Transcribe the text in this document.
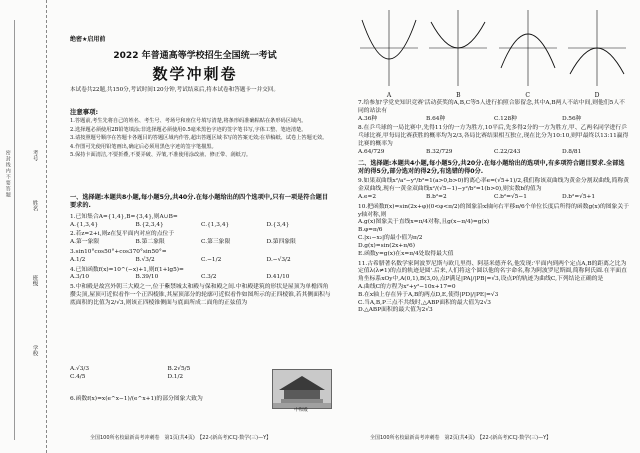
密封线内不要答题	考号
姓名
班级
学校
绝密★启用前
2022 年普通高等学校招生全国统一考试
数学冲刺卷
本试卷共22题,共150分,考试时间120分钟,考试结束后,将本试卷和答题卡一并交回。
注意事项:
1.答题前,考生先将自己的姓名、考生号、考场号和座位号填写清楚,将条形码准确粘贴在条形码区域内。
2.选择题必须使用2B铅笔填涂;非选择题必须使用0.5毫米黑色字迹的签字笔书写,字体工整、笔迹清楚。
3.请按照题号顺序在答题卡各题目的答题区域内作答,超出答题区域书写的答案无效;在草稿纸、试卷上答题无效。
4.作图可先使用铅笔画出,确定后必须用黑色字迹的签字笔描黑。
5.保持卡面清洁,不要折叠,不要弄破、弄皱,不准使用涂改液、修正带、刮纸刀。
一、选择题:本题共8小题,每小题5分,共40分.在每小题给出的四个选项中,只有一项是符合题目要求的.
1.已知集合A={1,4},B={3,4},则A∪B=
A.{1,3,4}	B.{2,3,4}	C.{1,3,4}	D.{3,4}
2.若z=2+i,则z在复平面内对应的点位于
A.第一象限	B.第二象限	C.第三象限	D.第四象限
3.sin10°cos50°+cos370°sin50°=
A.1/2	B.√3/2	C.−1/2	D.−√3/2
4.已知函数f(x)=10^(−x)+1,则f(1+lg5)=
A.3/10	B.39/10	C.3/2	D.41/10
5.中和殿是故宫外朝三大殿之一,位于紫禁城太和殿与保和殿之间.中和殿建筑的形状是屋顶为单檐四角攒尖顶,屋顶可近似看作一个正四棱锥,其屋顶部分的轮廓可近似看作如图所示的正四棱锥,若其侧面积与底面积的比值为2/√3,则该正四棱锥侧面与底面所成二面角的正弦值为
A.√3/3	B.2√5/5
C.4/5	D.1/2
6.函数f(x)=x(e^x−1)/(e^x+1)的部分图象大致为
中和殿
全国100所名校最新高考冲刺卷　第1页(共4页)　【22·(新高考)CCJ·数学(三)—Y】
A	B	C	D
7.给参加'学党史知识竞赛'活动获奖的A,B,C等5人进行拍照合影留念,其中A,B两人不站中间,则他们5人不同的站法有
A.36种	B.64种	C.128种	D.56种
8.在乒乓球的一局比赛中,先得11分的一方为胜方,10平后,先多得2分的一方为胜方,甲、乙两名同学进行乒乓球比赛,甲每局比赛获胜的概率均为2/3,各局比赛结果相互独立,现在比分为10:10,则甲最终以13:11赢得比赛的概率为
A.64/729	B.32/729	C.22/243	D.8/81
二、选择题:本题共4小题,每小题5分,共20分.在每小题给出的选项中,有多项符合题目要求.全部选对的得5分,部分选对的得2分,有选错的得0分.
9.如果双曲线x²/a²−y²/b²=1(a>0,b>0)的离心率e=(√5+1)/2,我们称该双曲线为黄金分割双曲线,简称黄金双曲线,现有一黄金双曲线x²/(√5−1)−y²/b²=1(b>0),则实数b的值为
A.e=2	B.b²=2	C.b²=√5−1	D.b²=√5+1
10.把函数f(x)=sin(2x+φ)(0<φ<π/2)的图象沿x轴向右平移π/6个单位长度后所得的函数g(x)的图象关于y轴对称,则
A.g(x)图象关于直线x=π/4对称,且g(x−π/4)=g(x)
B.φ=π/6
C.|x₁−x₂|的最小值为π/2
D.g(x)=sin(2x+π/6)
E.函数y=g(x)在x=π/4处取得最大值
11.古希腊著名数学家阿波罗尼斯与欧几里得、阿基米德齐名,他发现:'平面内到两个定点A,B的距离之比为定值λ(λ≠1)的点的轨迹是圆'.后来,人们将这个圆以他的名字命名,称为阿波罗尼斯圆,简称阿氏圆.在平面直角坐标系xOy中,A(0,1),B(3,0),点P满足|PA|/|PB|=√3,设点P的轨迹为曲线C,下列结论正确的是
A.曲线C的方程为x²+y²−10x+17=0
B.在x轴上存在异于A,B的两点D,E,使得|PD|/|PE|=√3
C.当A,B,P三点不共线时,△ABP面积的最大值为2√3
D.△ABP面积的最大值为2√3
全国100所名校最新高考冲刺卷　第2页(共4页)　【22·(新高考)CCJ·数学(三)—Y】
